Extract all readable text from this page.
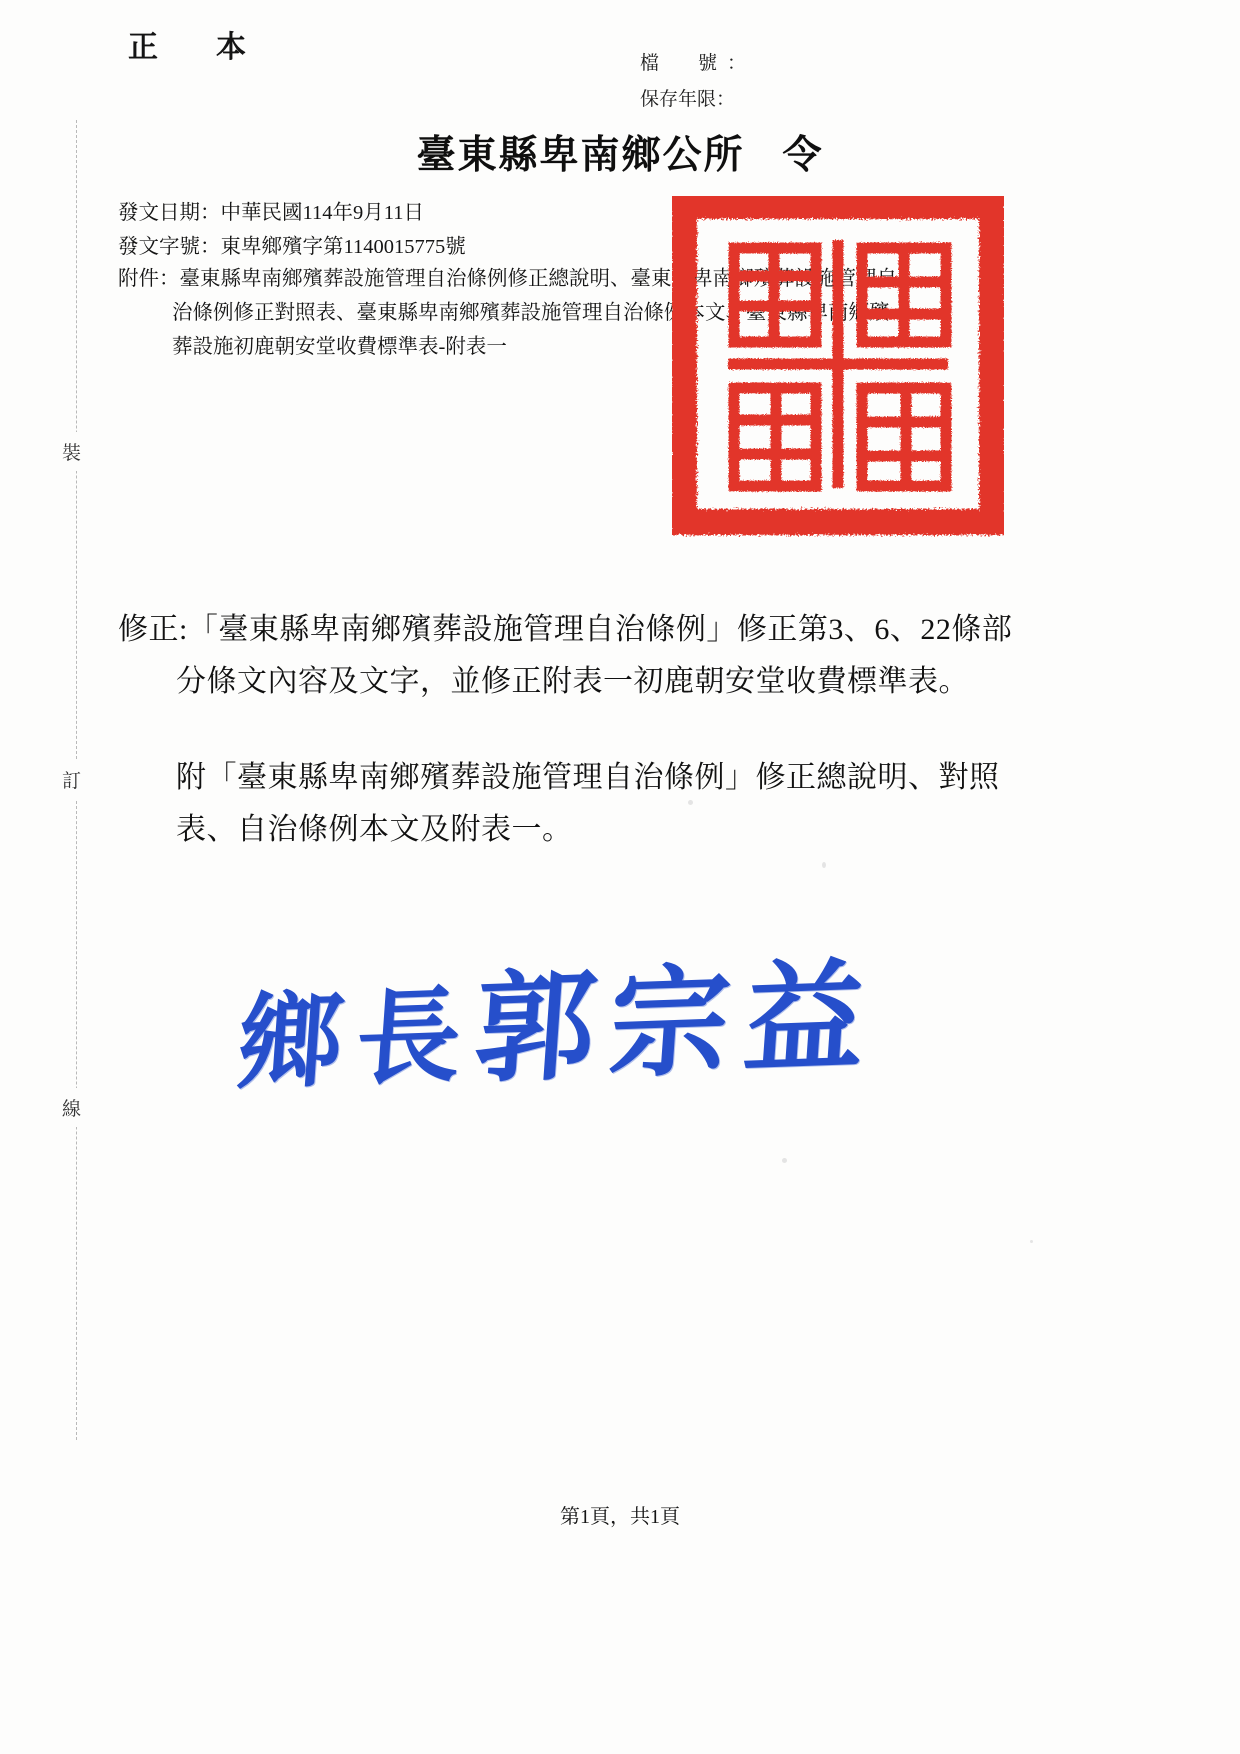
正　本	檔　號：
保存年限：
臺東縣卑南鄉公所 令
發文日期：中華民國114年9月11日
發文字號：東卑鄉殯字第1140015775號
附件：臺東縣卑南鄉殯葬設施管理自治條例修正總說明、臺東縣卑南鄉殯葬設施管理自
治條例修正對照表、臺東縣卑南鄉殯葬設施管理自治條例本文、臺東縣卑南鄉殯
葬設施初鹿朝安堂收費標準表-附表一
裝
訂
線
修正:「臺東縣卑南鄉殯葬設施管理自治條例」修正第3、6、22條部
分條文內容及文字，並修正附表一初鹿朝安堂收費標準表。
附「臺東縣卑南鄉殯葬設施管理自治條例」修正總說明、對照
表、自治條例本文及附表一。
鄉長郭宗益
第1頁，共1頁
